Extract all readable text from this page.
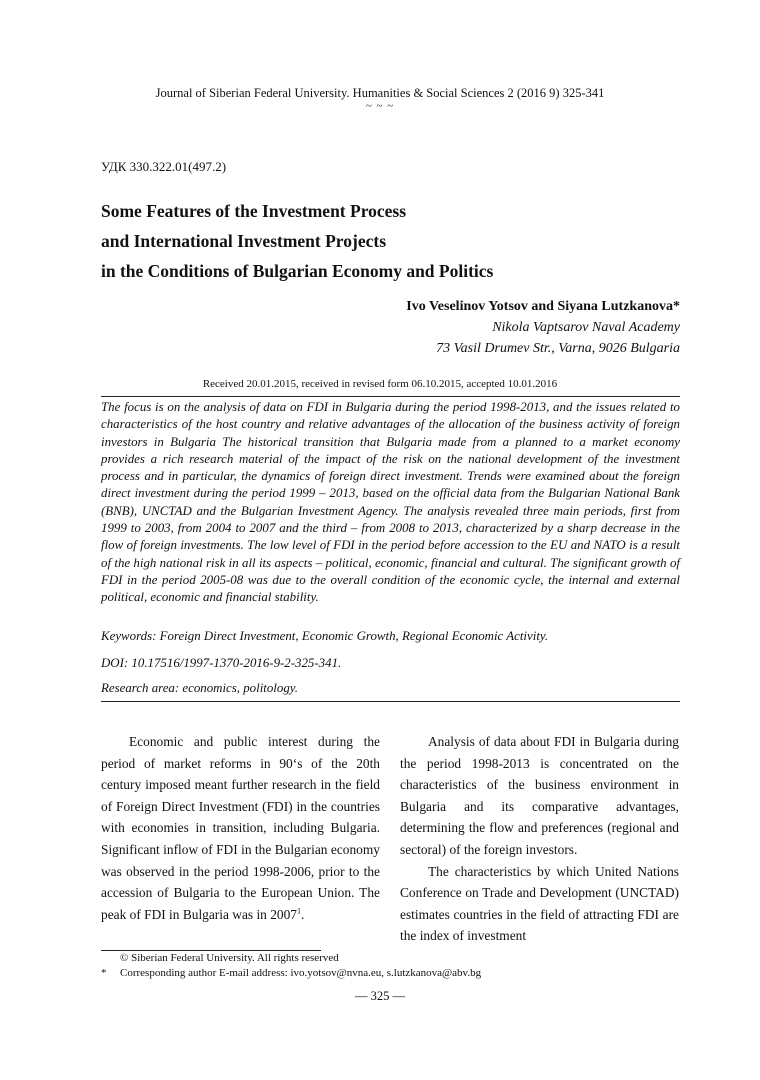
Journal of Siberian Federal University. Humanities & Social Sciences 2 (2016 9) 325-341
~ ~ ~
УДК 330.322.01(497.2)
Some Features of the Investment Process
and International Investment Projects
in the Conditions of Bulgarian Economy and Politics
Ivo Veselinov Yotsov and Siyana Lutzkanova*
Nikola Vaptsarov Naval Academy
73 Vasil Drumev Str., Varna, 9026 Bulgaria
Received 20.01.2015, received in revised form 06.10.2015, accepted 10.01.2016

The focus is on the analysis of data on FDI in Bulgaria during the period 1998-2013, and the issues related to characteristics of the host country and relative advantages of the allocation of the business activity of foreign investors in Bulgaria The historical transition that Bulgaria made from a planned to a market economy provides a rich research material of the impact of the risk on the national development of the investment process and in particular, the dynamics of foreign direct investment. Trends were examined about the foreign direct investment during the period 1999 – 2013, based on the official data from the Bulgarian National Bank (BNB), UNCTAD and the Bulgarian Investment Agency. The analysis revealed three main periods, first from 1999 to 2003, from 2004 to 2007 and the third – from 2008 to 2013, characterized by a sharp decrease in the flow of foreign investments. The low level of FDI in the period before accession to the EU and NATO is a result of the high national risk in all its aspects – political, economic, financial and cultural. The significant growth of FDI in the period 2005-08 was due to the overall condition of the economic cycle, the internal and external political, economic and financial stability.

Keywords: Foreign Direct Investment, Economic Growth, Regional Economic Activity.
DOI: 10.17516/1997-1370-2016-9-2-325-341.
Research area: economics, politology.

Economic and public interest during the period of market reforms in 90‘s of the 20th century imposed meant further research in the field of Foreign Direct Investment (FDI) in the countries with economies in transition, including Bulgaria. Significant inflow of FDI in the Bulgarian economy was observed in the period 1998-2006, prior to the accession of Bulgaria to the European Union. The peak of FDI in Bulgaria was in 2007$^1$.

Analysis of data about FDI in Bulgaria during the period 1998-2013 is concentrated on the characteristics of the business environment in Bulgaria and its comparative advantages, determining the flow and preferences (regional and sectoral) of the foreign investors.

The characteristics by which United Nations Conference on Trade and Development (UNCTAD) estimates countries in the field of attracting FDI are the index of investment

© Siberian Federal University. All rights reserved
* Corresponding author E-mail address: ivo.yotsov@nvna.eu, s.lutzkanova@abv.bg
— 325 —
